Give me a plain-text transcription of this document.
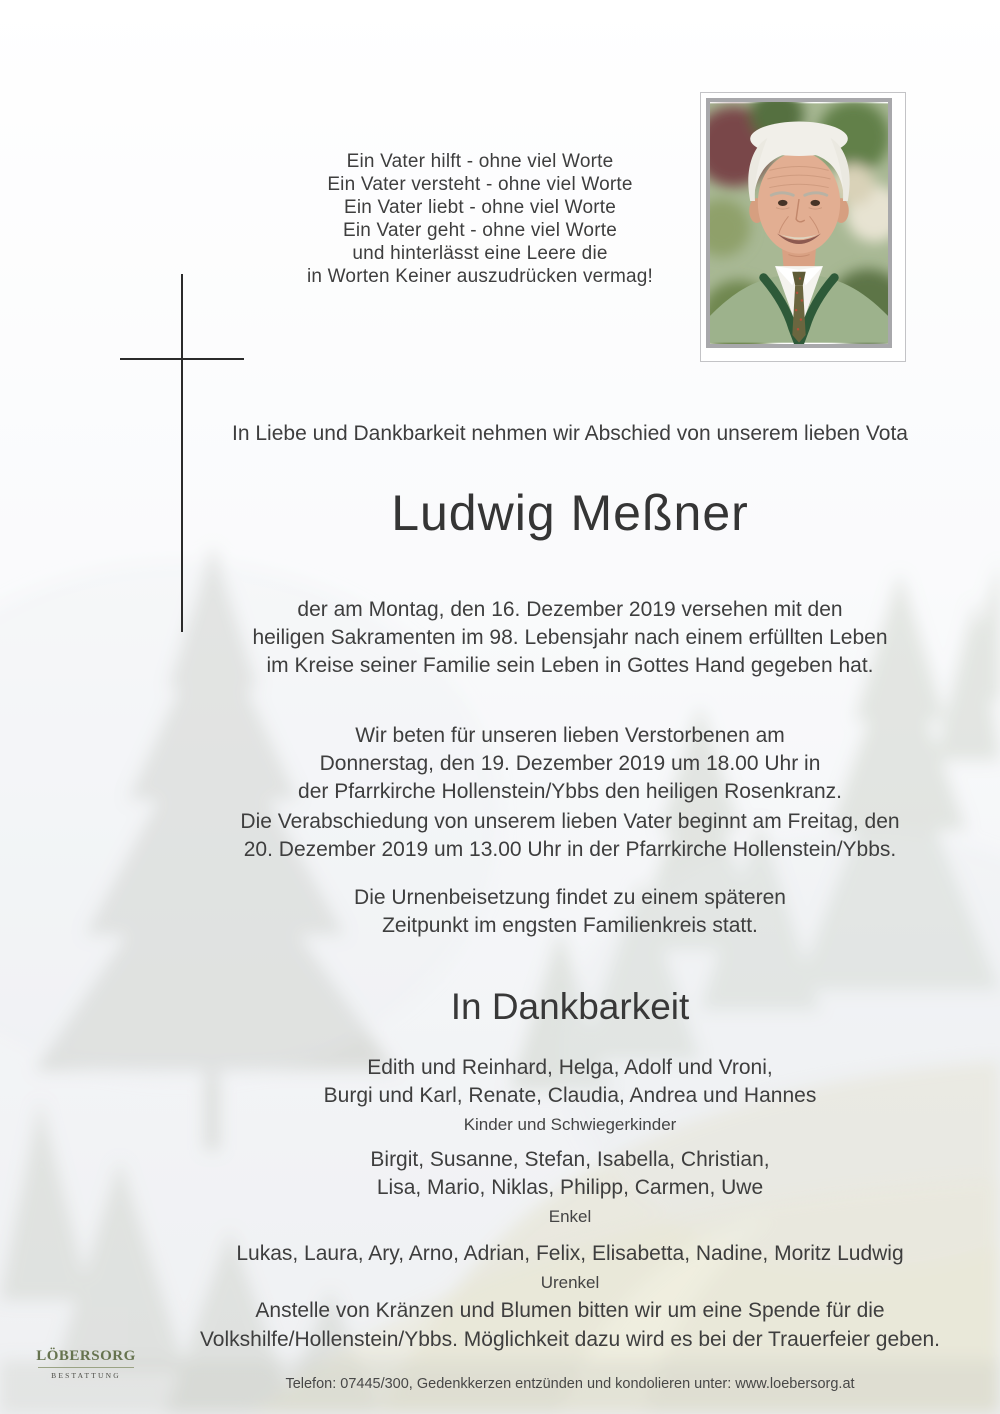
Ein Vater hilft - ohne viel Worte
Ein Vater versteht - ohne viel Worte
Ein Vater liebt - ohne viel Worte
Ein Vater geht - ohne viel Worte
und hinterlässt eine Leere die
in Worten Keiner auszudrücken vermag!
In Liebe und Dankbarkeit nehmen wir Abschied von unserem lieben Vota
Ludwig Meßner
der am Montag, den 16. Dezember 2019 versehen mit den
heiligen Sakramenten im 98. Lebensjahr nach einem erfüllten Leben
im Kreise seiner Familie sein Leben in Gottes Hand gegeben hat.
Wir beten für unseren lieben Verstorbenen am
Donnerstag, den 19. Dezember 2019 um 18.00 Uhr in
der Pfarrkirche Hollenstein/Ybbs den heiligen Rosenkranz.
Die Verabschiedung von unserem lieben Vater beginnt am Freitag, den
20. Dezember 2019 um 13.00 Uhr in der Pfarrkirche Hollenstein/Ybbs.
Die Urnenbeisetzung findet zu einem späteren
Zeitpunkt im engsten Familienkreis statt.
In Dankbarkeit
Edith und Reinhard, Helga, Adolf und Vroni,
Burgi und Karl, Renate, Claudia, Andrea und Hannes
Kinder und Schwiegerkinder
Birgit, Susanne, Stefan, Isabella, Christian,
Lisa, Mario, Niklas, Philipp, Carmen, Uwe
Enkel
Lukas, Laura, Ary, Arno, Adrian, Felix, Elisabetta, Nadine, Moritz Ludwig
Urenkel
Anstelle von Kränzen und Blumen bitten wir um eine Spende für die
Volkshilfe/Hollenstein/Ybbs. Möglichkeit dazu wird es bei der Trauerfeier geben.
Telefon: 07445/300, Gedenkkerzen entzünden und kondolieren unter: www.loebersorg.at
LÖBERSORG
BESTATTUNG
